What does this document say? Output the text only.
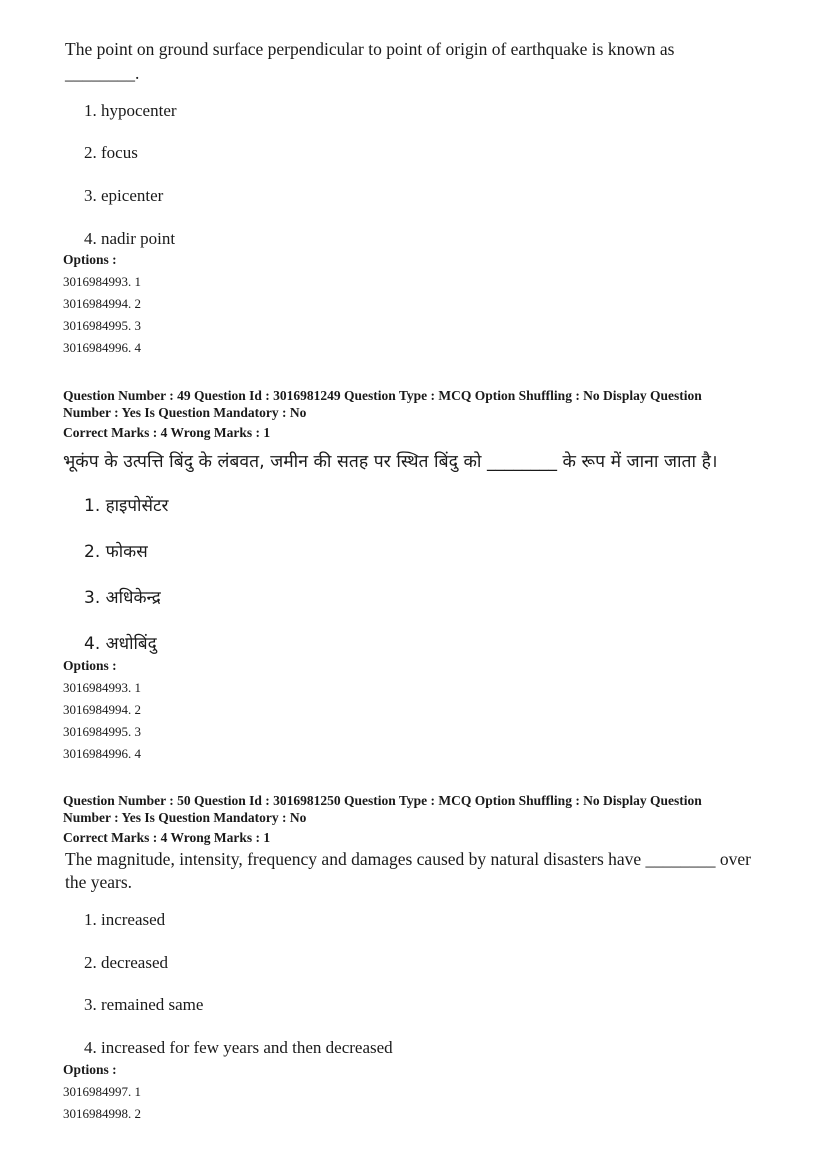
The point on ground surface perpendicular to point of origin of earthquake is known as
________.
1. hypocenter
2. focus
3. epicenter
4. nadir point
Options :
3016984993. 1
3016984994. 2
3016984995. 3
3016984996. 4
Question Number : 49 Question Id : 3016981249 Question Type : MCQ Option Shuffling : No Display Question
Number : Yes Is Question Mandatory : No
Correct Marks : 4 Wrong Marks : 1
भूकंप के उत्पत्ति बिंदु के लंबवत, जमीन की सतह पर स्थित बिंदु को ________ के रूप में जाना जाता है।
1. हाइपोसेंटर
2. फोकस
3. अधिकेन्द्र
4. अधोबिंदु
Options :
3016984993. 1
3016984994. 2
3016984995. 3
3016984996. 4
Question Number : 50 Question Id : 3016981250 Question Type : MCQ Option Shuffling : No Display Question
Number : Yes Is Question Mandatory : No
Correct Marks : 4 Wrong Marks : 1
The magnitude, intensity, frequency and damages caused by natural disasters have ________ over
the years.
1. increased
2. decreased
3. remained same
4. increased for few years and then decreased
Options :
3016984997. 1
3016984998. 2
